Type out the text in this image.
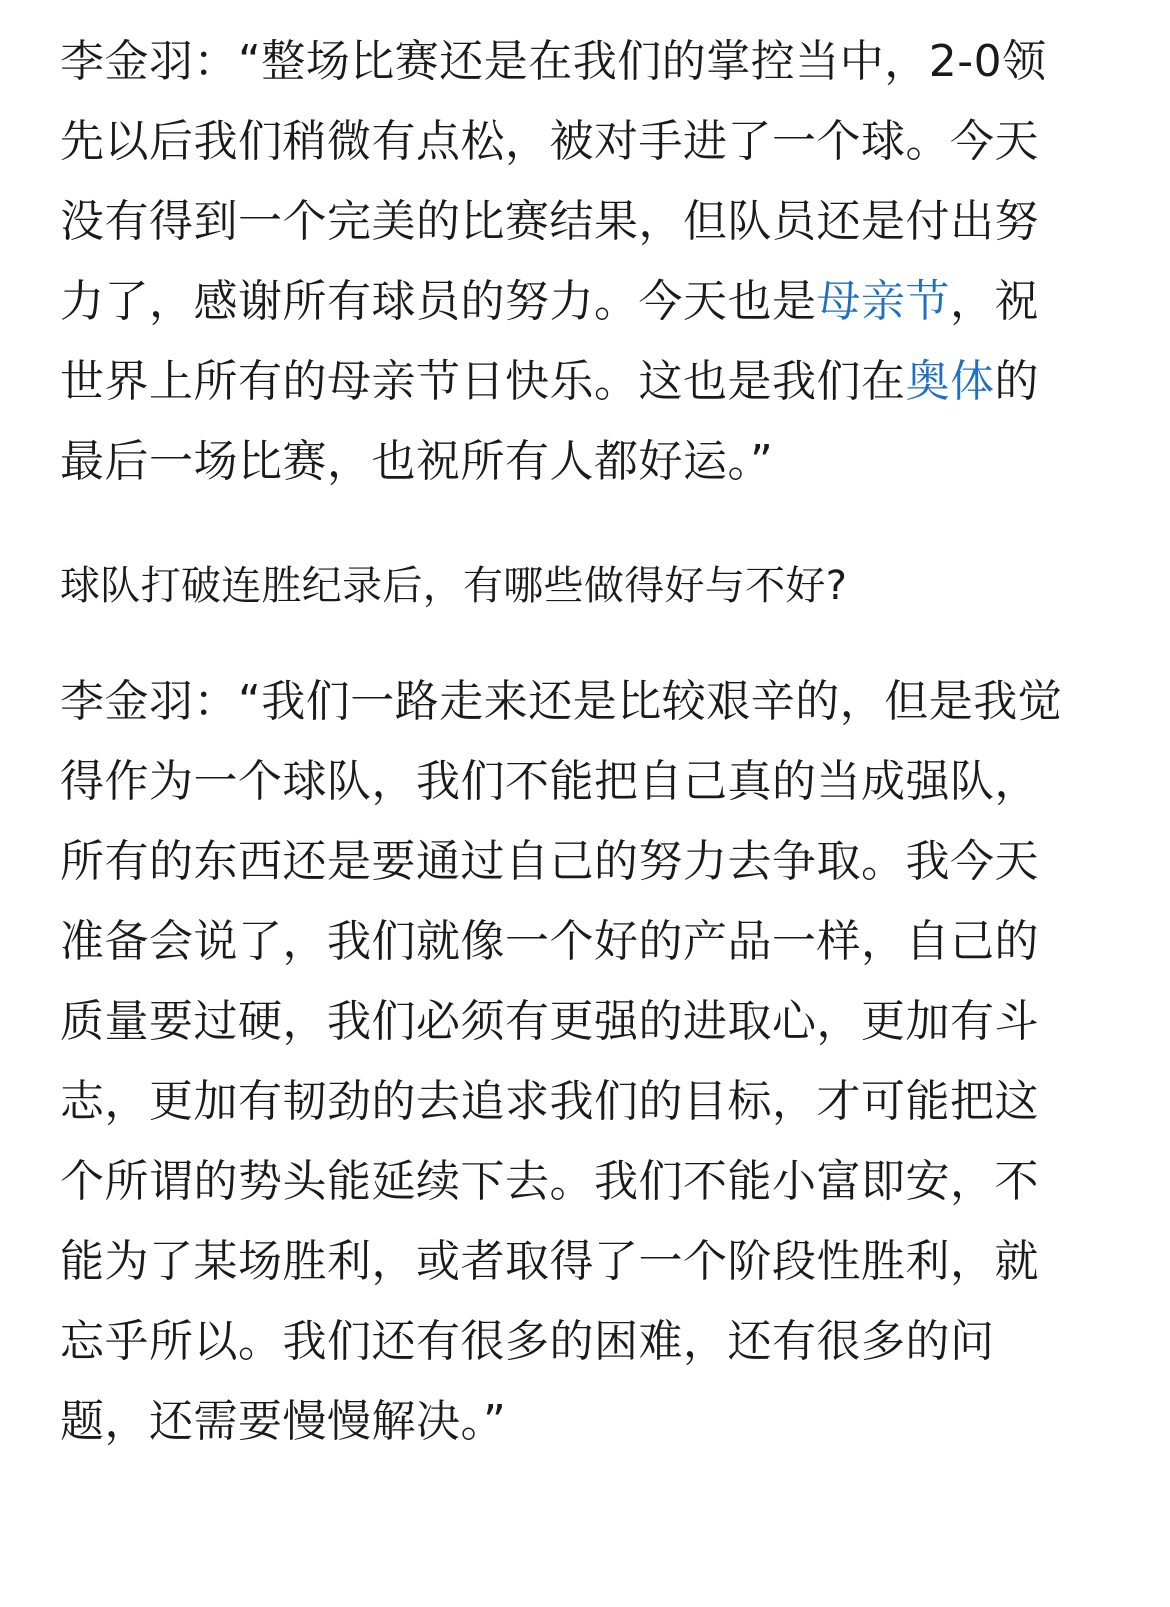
李金羽：“整场比赛还是在我们的掌控当中，2-0领先以后我们稍微有点松，被对手进了一个球。今天没有得到一个完美的比赛结果，但队员还是付出努力了，感谢所有球员的努力。今天也是母亲节，祝世界上所有的母亲节日快乐。这也是我们在奥体的最后一场比赛，也祝所有人都好运。”

球队打破连胜纪录后，有哪些做得好与不好?

李金羽：“我们一路走来还是比较艰辛的，但是我觉得作为一个球队，我们不能把自己真的当成强队，所有的东西还是要通过自己的努力去争取。我今天准备会说了，我们就像一个好的产品一样，自己的质量要过硬，我们必须有更强的进取心，更加有斗志，更加有韧劲的去追求我们的目标，才可能把这个所谓的势头能延续下去。我们不能小富即安，不能为了某场胜利，或者取得了一个阶段性胜利，就忘乎所以。我们还有很多的困难，还有很多的问题，还需要慢慢解决。”
